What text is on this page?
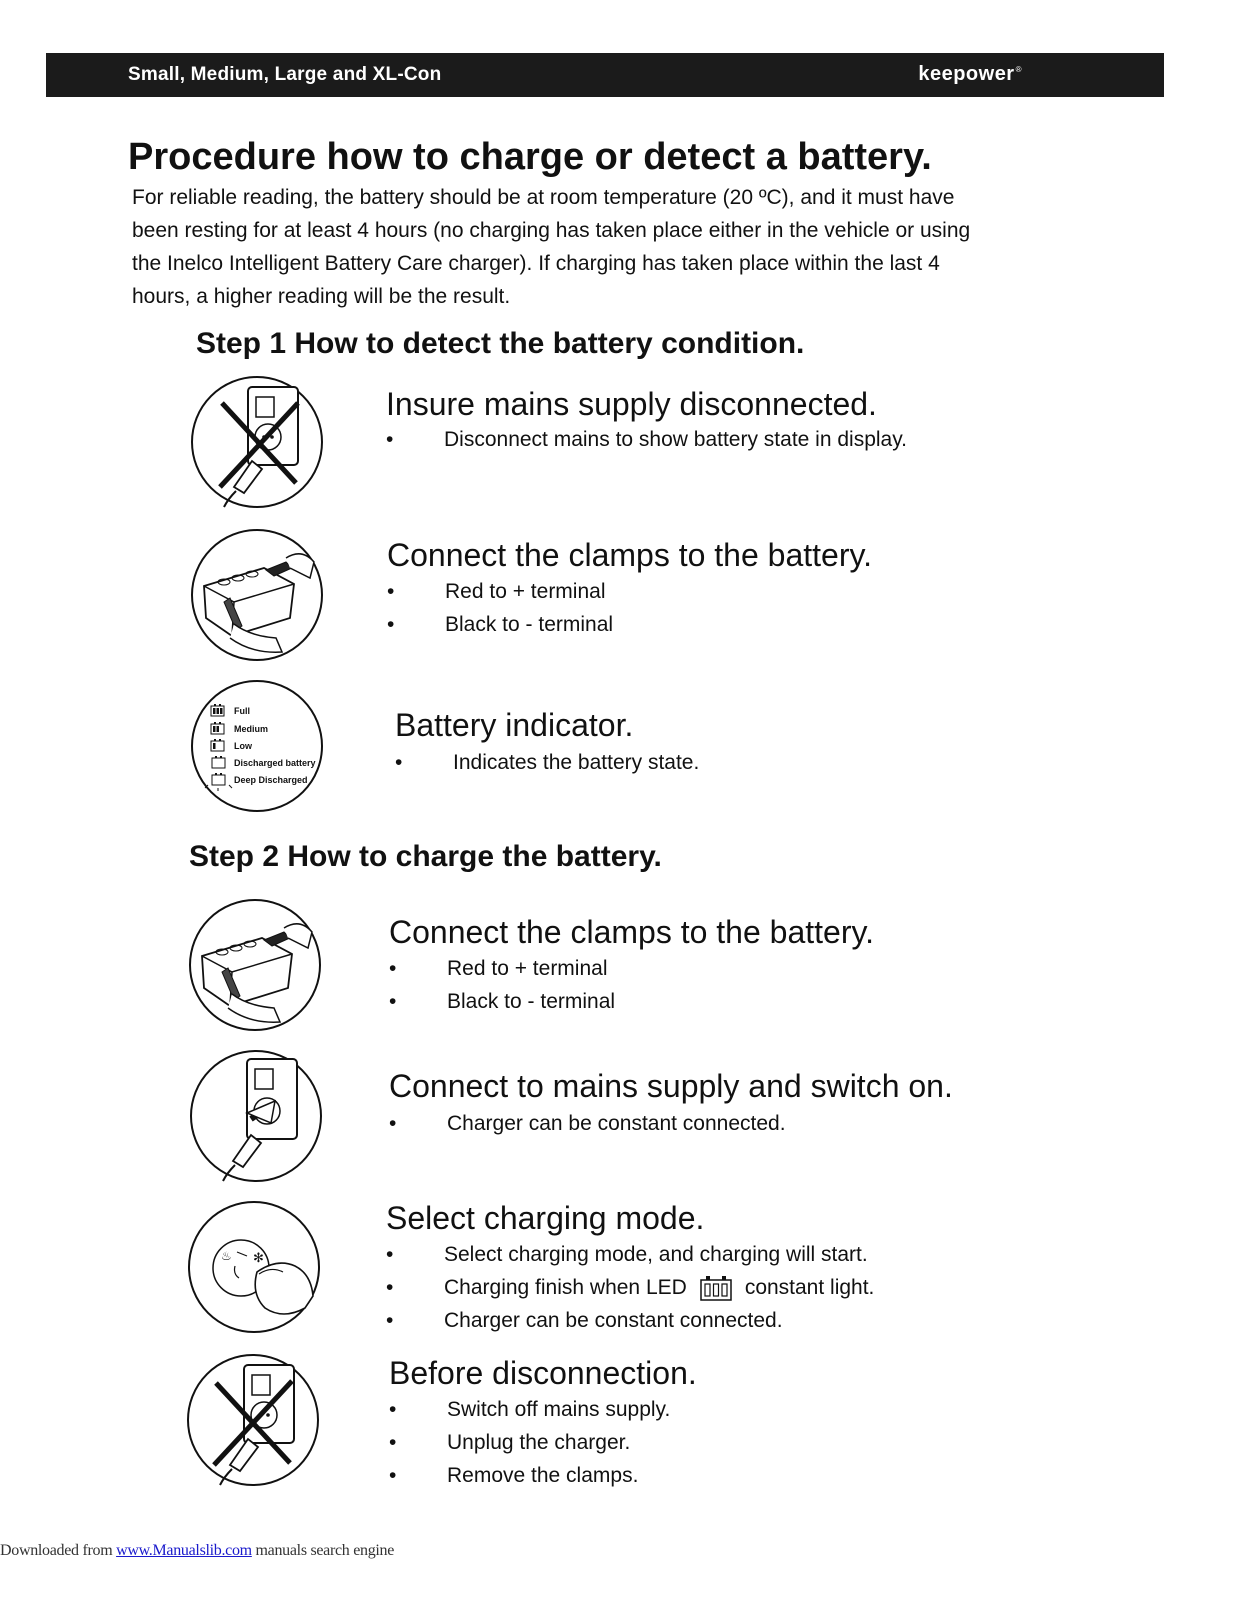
Small, Medium, Large and XL-Con	keepower®
Procedure how to charge or detect a battery.

For reliable reading, the battery should be at room temperature (20 ºC), and it must have been resting for at least 4 hours (no charging has taken place either in the vehicle or using the Inelco Intelligent Battery Care charger). If charging has taken place within the last 4 hours, a higher reading will be the result.

Step 1 How to detect the battery condition.
Insure mains supply disconnected.
• Disconnect mains to show battery state in display.
Connect the clamps to the battery.
• Red to + terminal
• Black to - terminal
Full
Medium
Low
Discharged battery
Deep Discharged
Battery indicator.
• Indicates the battery state.
Step 2 How to charge the battery.
Connect the clamps to the battery.
• Red to + terminal
• Black to - terminal
Connect to mains supply and switch on.
• Charger can be constant connected.
♨ ✻
Select charging mode.
• Select charging mode, and charging will start.
• Charging finish when LED	constant light.
• Charger can be constant connected.
Before disconnection.
• Switch off mains supply.
• Unplug the charger.
• Remove the clamps.
Downloaded from www.Manualslib.com manuals search engine
